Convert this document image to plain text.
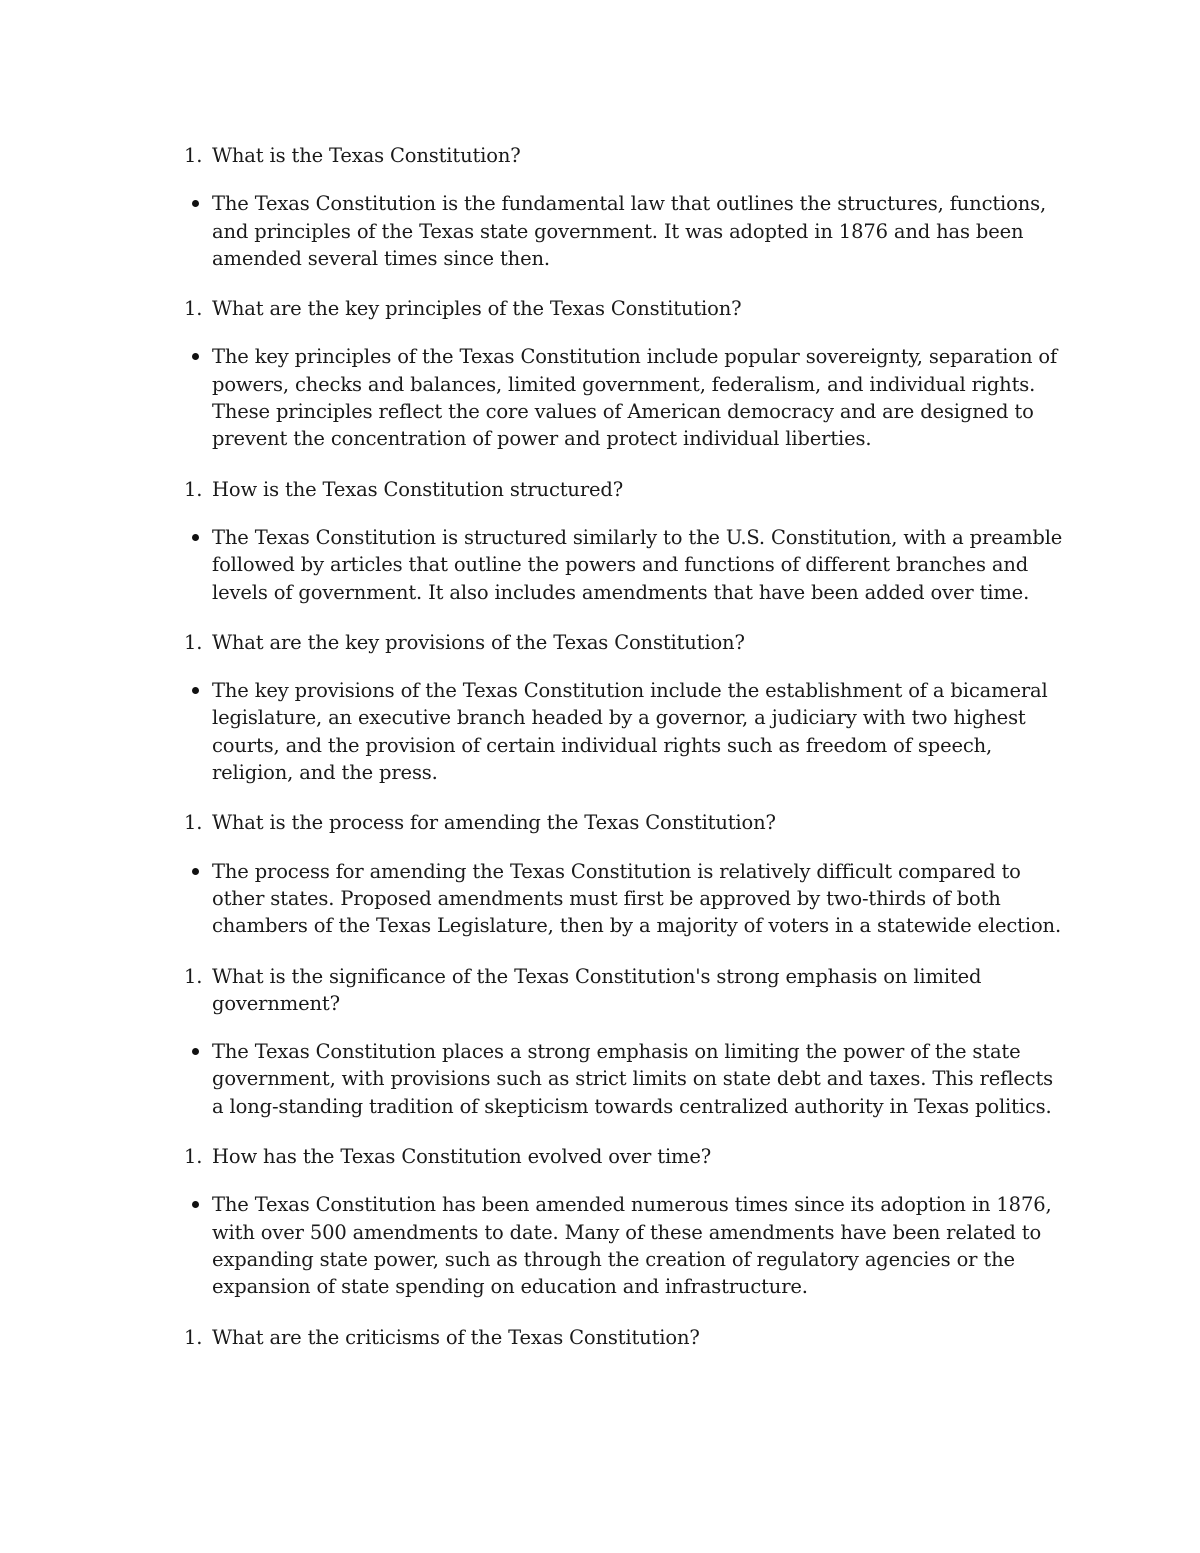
1. What is the Texas Constitution?
The Texas Constitution is the fundamental law that outlines the structures, functions, and principles of the Texas state government. It was adopted in 1876 and has been amended several times since then.
1. What are the key principles of the Texas Constitution?
The key principles of the Texas Constitution include popular sovereignty, separation of powers, checks and balances, limited government, federalism, and individual rights. These principles reflect the core values of American democracy and are designed to prevent the concentration of power and protect individual liberties.
1. How is the Texas Constitution structured?
The Texas Constitution is structured similarly to the U.S. Constitution, with a preamble followed by articles that outline the powers and functions of different branches and levels of government. It also includes amendments that have been added over time.
1. What are the key provisions of the Texas Constitution?
The key provisions of the Texas Constitution include the establishment of a bicameral legislature, an executive branch headed by a governor, a judiciary with two highest courts, and the provision of certain individual rights such as freedom of speech, religion, and the press.
1. What is the process for amending the Texas Constitution?
The process for amending the Texas Constitution is relatively difficult compared to other states. Proposed amendments must first be approved by two-thirds of both chambers of the Texas Legislature, then by a majority of voters in a statewide election.
1. What is the significance of the Texas Constitution's strong emphasis on limited government?
The Texas Constitution places a strong emphasis on limiting the power of the state government, with provisions such as strict limits on state debt and taxes. This reflects a long-standing tradition of skepticism towards centralized authority in Texas politics.
1. How has the Texas Constitution evolved over time?
The Texas Constitution has been amended numerous times since its adoption in 1876, with over 500 amendments to date. Many of these amendments have been related to expanding state power, such as through the creation of regulatory agencies or the expansion of state spending on education and infrastructure.
1. What are the criticisms of the Texas Constitution?
